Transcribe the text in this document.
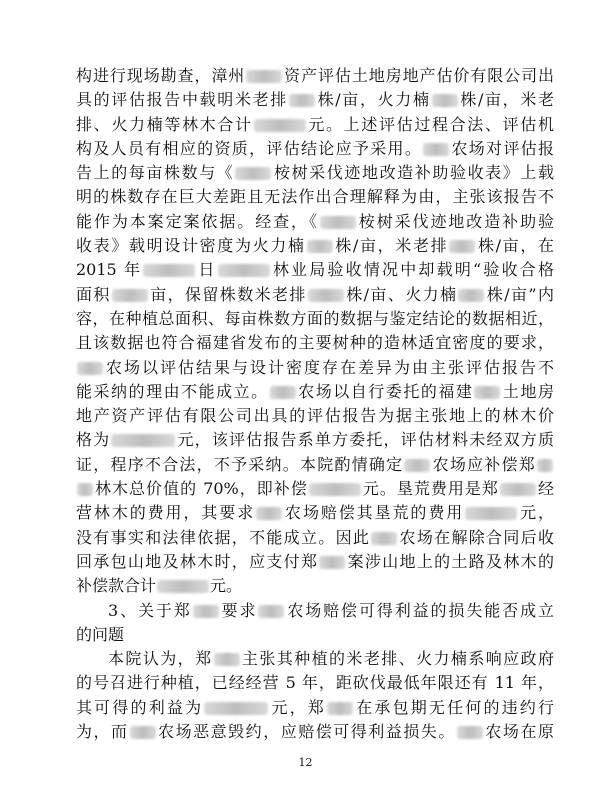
构进行现场勘查，漳州 资产评估土地房地产估价有限公司出
具的评估报告中载明米老排 株/亩，火力楠 株/亩，米老
排、火力楠等林木合计	元。上述评估过程合法、评估机
构及人员有相应的资质，评估结论应予采用。 农场对评估报
告上的每亩株数与《 桉树采伐迹地改造补助验收表》上载
明的株数存在巨大差距且无法作出合理解释为由，主张该报告不
能作为本案定案依据。经查，《 桉树采伐迹地改造补助验
收表》载明设计密度为火力楠 株/亩，米老排 株/亩，在
2015 年	日	林业局验收情况中却载明“验收合格
面积 亩，保留株数米老排 株/亩、火力楠 株/亩”内
容，在种植总面积、每亩株数方面的数据与鉴定结论的数据相近，
且该数据也符合福建省发布的主要树种的造林适宜密度的要求，
农场以评估结果与设计密度存在差异为由主张评估报告不
能采纳的理由不能成立。 农场以自行委托的福建 土地房
地产资产评估有限公司出具的评估报告为据主张地上的林木价
格为	元，该评估报告系单方委托，评估材料未经双方质
证，程序不合法，不予采纳。本院酌情确定 农场应补偿郑
林木总价值的 70%，即补偿	元。垦荒费用是郑 经
营林木的费用，其要求 农场赔偿其垦荒的费用	元，
没有事实和法律依据，不能成立。因此 农场在解除合同后收
回承包山地及林木时，应支付郑 案涉山地上的土路及林木的
补偿款合计	元。
3、关于郑 要求 农场赔偿可得利益的损失能否成立
的问题
本院认为，郑 主张其种植的米老排、火力楠系响应政府
的号召进行种植，已经经营 5 年，距砍伐最低年限还有 11 年，
其可得的利益为	元，郑 在承包期无任何的违约行
为，而 农场恶意毁约，应赔偿可得利益损失。 农场在原
12
